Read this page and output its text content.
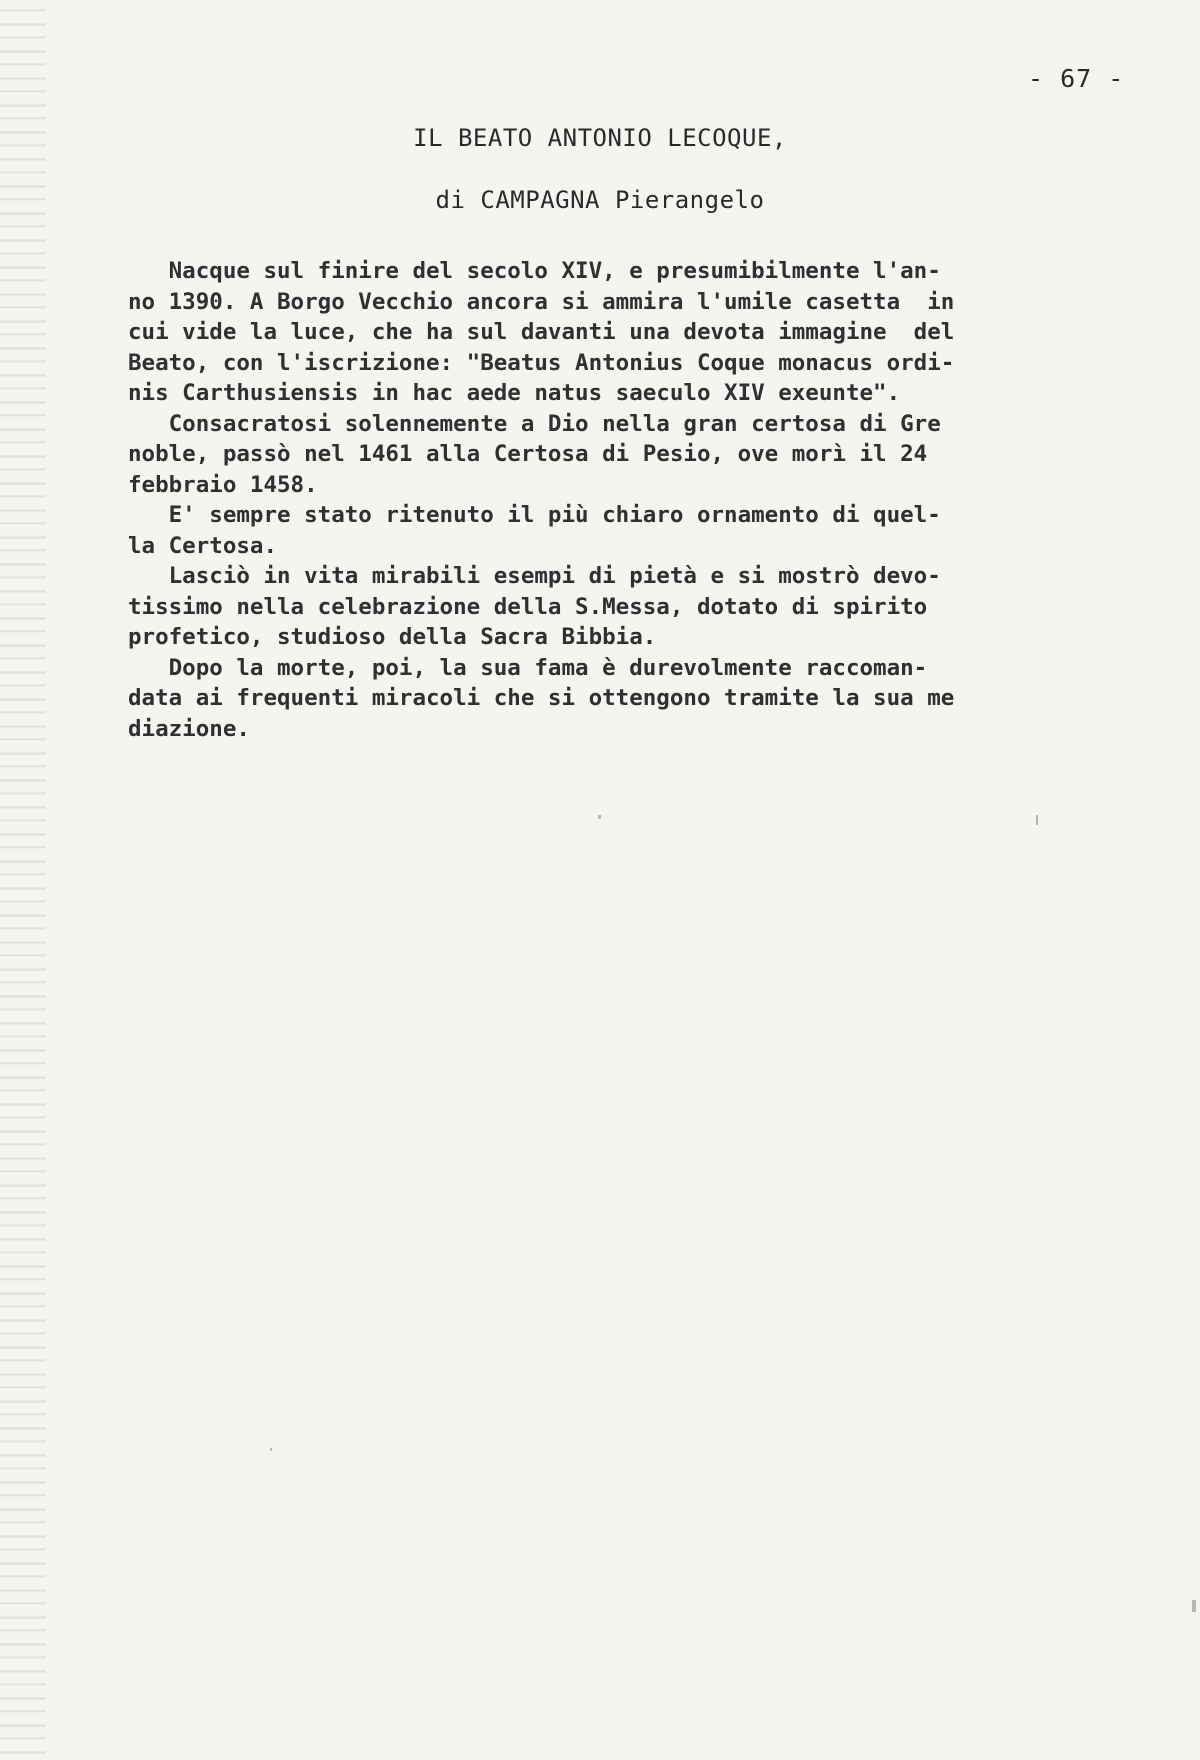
- 67 -
IL BEATO ANTONIO LECOQUE,
di CAMPAGNA Pierangelo
Nacque sul finire del secolo XIV, e presumibilmente l'an-
no 1390. A Borgo Vecchio ancora si ammira l'umile casetta  in
cui vide la luce, che ha sul davanti una devota immagine  del
Beato, con l'iscrizione: "Beatus Antonius Coque monacus ordi-
nis Carthusiensis in hac aede natus saeculo XIV exeunte".
Consacratosi solennemente a Dio nella gran certosa di Gre
noble, passò nel 1461 alla Certosa di Pesio, ove morì il 24
febbraio 1458.
E' sempre stato ritenuto il più chiaro ornamento di quel-
la Certosa.
Lasciò in vita mirabili esempi di pietà e si mostrò devo-
tissimo nella celebrazione della S.Messa, dotato di spirito
profetico, studioso della Sacra Bibbia.
Dopo la morte, poi, la sua fama è durevolmente raccoman-
data ai frequenti miracoli che si ottengono tramite la sua me
diazione.
